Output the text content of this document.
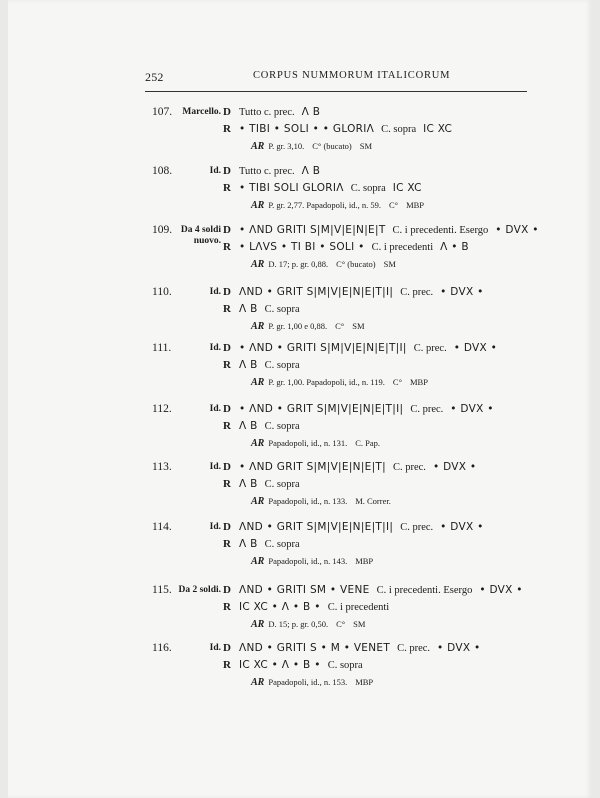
252	CORPUS NUMMORUM ITALICORUM
107.	Marcello. D Tutto c. prec. Λ B
R • TIBI • SOLI • • GLORIΛ C. sopra IC XC
AR P. gr. 3,10. C° (bucato) SM
108.	Id. D Tutto c. prec. Λ B
R • TIBI SOLI GLORIΛ C. sopra IC XC
AR P. gr. 2,77. Papadopoli, id., n. 59. C° MBP
109. Da 4 soldi nuovo.
D • ΛND GRITI S|M|V|E|N|E|T C. i precedenti. Esergo • DVX •
R • LΛVS • TI BI • SOLI • C. i precedenti Λ • B
AR D. 17; p. gr. 0,88. C° (bucato) SM
110.	Id. D ΛND • GRIT S|M|V|E|N|E|T|I| C. prec. • DVX •
R Λ B C. sopra
AR P. gr. 1,00 e 0,88. C° SM
111.	Id. D • ΛND • GRITI S|M|V|E|N|E|T|I| C. prec. • DVX •
R Λ B C. sopra
AR P. gr. 1,00. Papadopoli, id., n. 119. C° MBP
112.	Id. D • ΛND • GRIT S|M|V|E|N|E|T|I| C. prec. • DVX •
R Λ B C. sopra
AR Papadopoli, id., n. 131. C. Pap.
113.	Id. D • ΛND GRIT S|M|V|E|N|E|T| C. prec. • DVX •
R Λ B C. sopra
AR Papadopoli, id., n. 133. M. Correr.
114.	Id. D ΛND • GRIT S|M|V|E|N|E|T|I| C. prec. • DVX •
R Λ B C. sopra
AR Papadopoli, id., n. 143. MBP
115. Da 2 soldi. D ΛND • GRITI SM • VENE C. i precedenti. Esergo • DVX •
R IC XC • Λ • B • C. i precedenti
AR D. 15; p. gr. 0,50. C° SM
116.	Id. D ΛND • GRITI S • M • VENET C. prec. • DVX •
R IC XC • Λ • B • C. sopra
AR Papadopoli, id., n. 153. MBP
